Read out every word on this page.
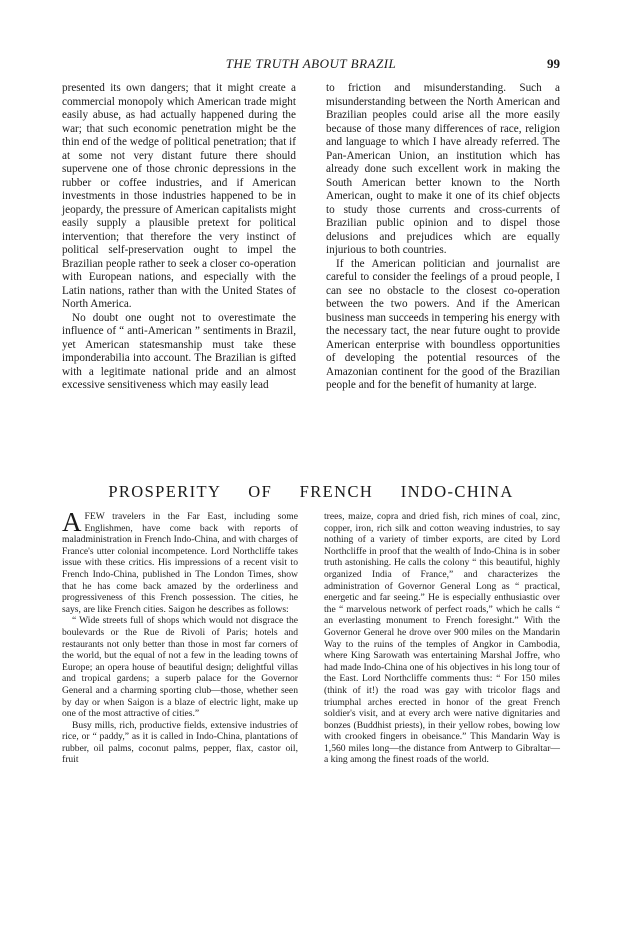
THE TRUTH ABOUT BRAZIL	99

presented its own dangers; that it might create a commercial monopoly which American trade might easily abuse, as had actually happened during the war; that such economic penetration might be the thin end of the wedge of political penetration; that if at some not very distant future there should supervene one of those chronic depressions in the rubber or coffee industries, and if American investments in those industries happened to be in jeopardy, the pressure of American capitalists might easily supply a plausible pretext for political intervention; that therefore the very instinct of political self-preservation ought to impel the Brazilian people rather to seek a closer co-operation with European nations, and especially with the Latin nations, rather than with the United States of North America.

No doubt one ought not to overestimate the influence of “ anti-American ” sentiments in Brazil, yet American statesmanship must take these imponderabilia into account. The Brazilian is gifted with a legitimate national pride and an almost excessive sensitiveness which may easily lead

to friction and misunderstanding. Such a misunderstanding between the North American and Brazilian peoples could arise all the more easily because of those many differences of race, religion and language to which I have already referred. The Pan-American Union, an institution which has already done such excellent work in making the South American better known to the North American, ought to make it one of its chief objects to study those currents and cross-currents of Brazilian public opinion and to dispel those delusions and prejudices which are equally injurious to both countries.

If the American politician and journalist are careful to consider the feelings of a proud people, I can see no obstacle to the closest co-operation between the two powers. And if the American business man succeeds in tempering his energy with the necessary tact, the near future ought to provide American enterprise with boundless opportunities of developing the potential resources of the Amazonian continent for the good of the Brazilian people and for the benefit of humanity at large.

PROSPERITY OF FRENCH INDO-CHINA

AFEW travelers in the Far East, including some Englishmen, have come back with reports of maladministration in French Indo-China, and with charges of France's utter colonial incompetence. Lord Northcliffe takes issue with these critics. His impressions of a recent visit to French Indo-China, published in The London Times, show that he has come back amazed by the orderliness and progressiveness of this French possession. The cities, he says, are like French cities. Saigon he describes as follows:

“ Wide streets full of shops which would not disgrace the boulevards or the Rue de Rivoli of Paris; hotels and restaurants not only better than those in most far corners of the world, but the equal of not a few in the leading towns of Europe; an opera house of beautiful design; delightful villas and tropical gardens; a superb palace for the Governor General and a charming sporting club—those, whether seen by day or when Saigon is a blaze of electric light, make up one of the most attractive of cities.”

Busy mills, rich, productive fields, extensive industries of rice, or “ paddy,” as it is called in Indo-China, plantations of rubber, oil palms, coconut palms, pepper, flax, castor oil, fruit

trees, maize, copra and dried fish, rich mines of coal, zinc, copper, iron, rich silk and cotton weaving industries, to say nothing of a variety of timber exports, are cited by Lord Northcliffe in proof that the wealth of Indo-China is in sober truth astonishing. He calls the colony “ this beautiful, highly organized India of France,” and characterizes the administration of Governor General Long as “ practical, energetic and far seeing.” He is especially enthusiastic over the “ marvelous network of perfect roads,” which he calls “ an everlasting monument to French foresight.” With the Governor General he drove over 900 miles on the Mandarin Way to the ruins of the temples of Angkor in Cambodia, where King Sarowath was entertaining Marshal Joffre, who had made Indo-China one of his objectives in his long tour of the East. Lord Northcliffe comments thus: “ For 150 miles (think of it!) the road was gay with tricolor flags and triumphal arches erected in honor of the great French soldier's visit, and at every arch were native dignitaries and bonzes (Buddhist priests), in their yellow robes, bowing low with crooked fingers in obeisance.” This Mandarin Way is 1,560 miles long—the distance from Antwerp to Gibraltar—a king among the finest roads of the world.
